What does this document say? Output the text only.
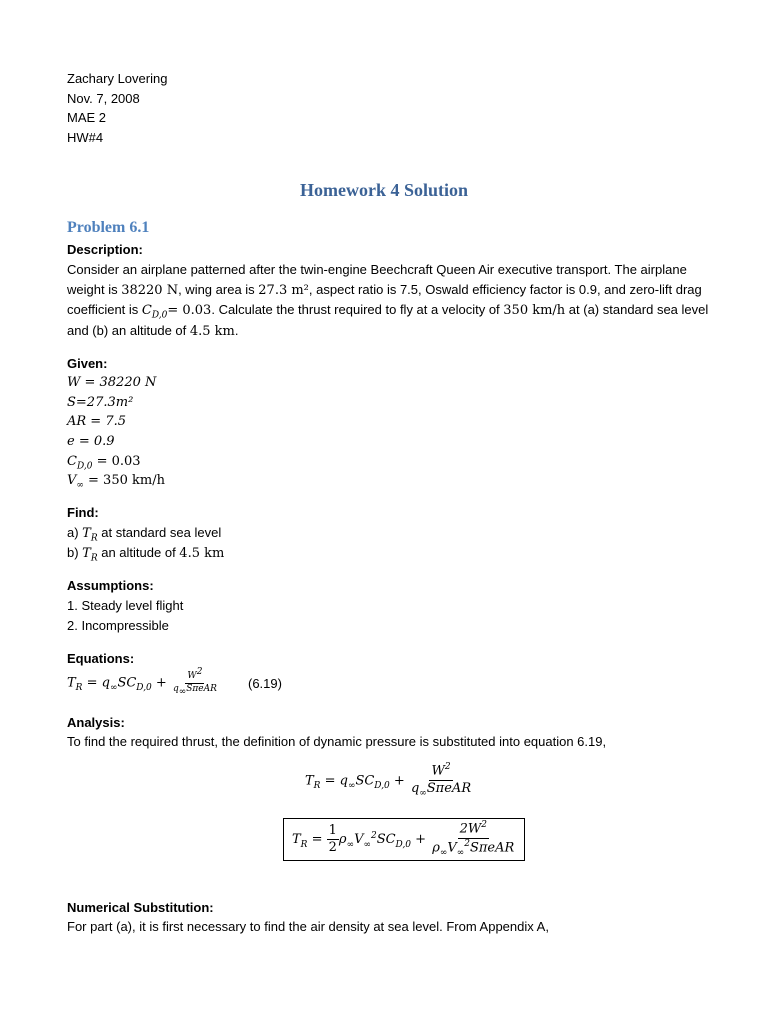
Zachary Lovering
Nov. 7, 2008
MAE 2
HW#4
Homework 4 Solution
Problem 6.1
Description:
Consider an airplane patterned after the twin-engine Beechcraft Queen Air executive transport. The airplane
weight is 38220 N, wing area is 27.3 m², aspect ratio is 7.5, Oswald efficiency factor is 0.9, and zero-lift drag
coefficient is $C_{D,0}= 0.03$. Calculate the thrust required to fly at a velocity of 350 km/h at (a) standard sea level
and (b) an altitude of 4.5 km.
Given:
W = 38220 N
S=27.3m²
AR = 7.5
e = 0.9
$C_{D,0} = 0.03$
$V_\infty = 350$ km/h
Find:
a) $T_R$ at standard sea level
b) $T_R$ an altitude of 4.5 km
Assumptions:
1. Steady level flight
2. Incompressible
Equations:
$T_R = q_\infty SC_{D,0} + \frac{W^2}{q_\infty S\pi eAR} (6.19)$
Analysis:
To find the required thrust, the definition of dynamic pressure is substituted into equation 6.19,
$T_R = q_\infty SC_{D,0} + \frac{W^2}{q_\infty S\pi eAR}$
$T_R = \frac{1}{2} \rho_\infty V_\infty^2SC_{D,0} + \frac{2W^2}{\rho_\infty V_\infty^2S\pi eAR}$
Numerical Substitution:
For part (a), it is first necessary to find the air density at sea level. From Appendix A,
